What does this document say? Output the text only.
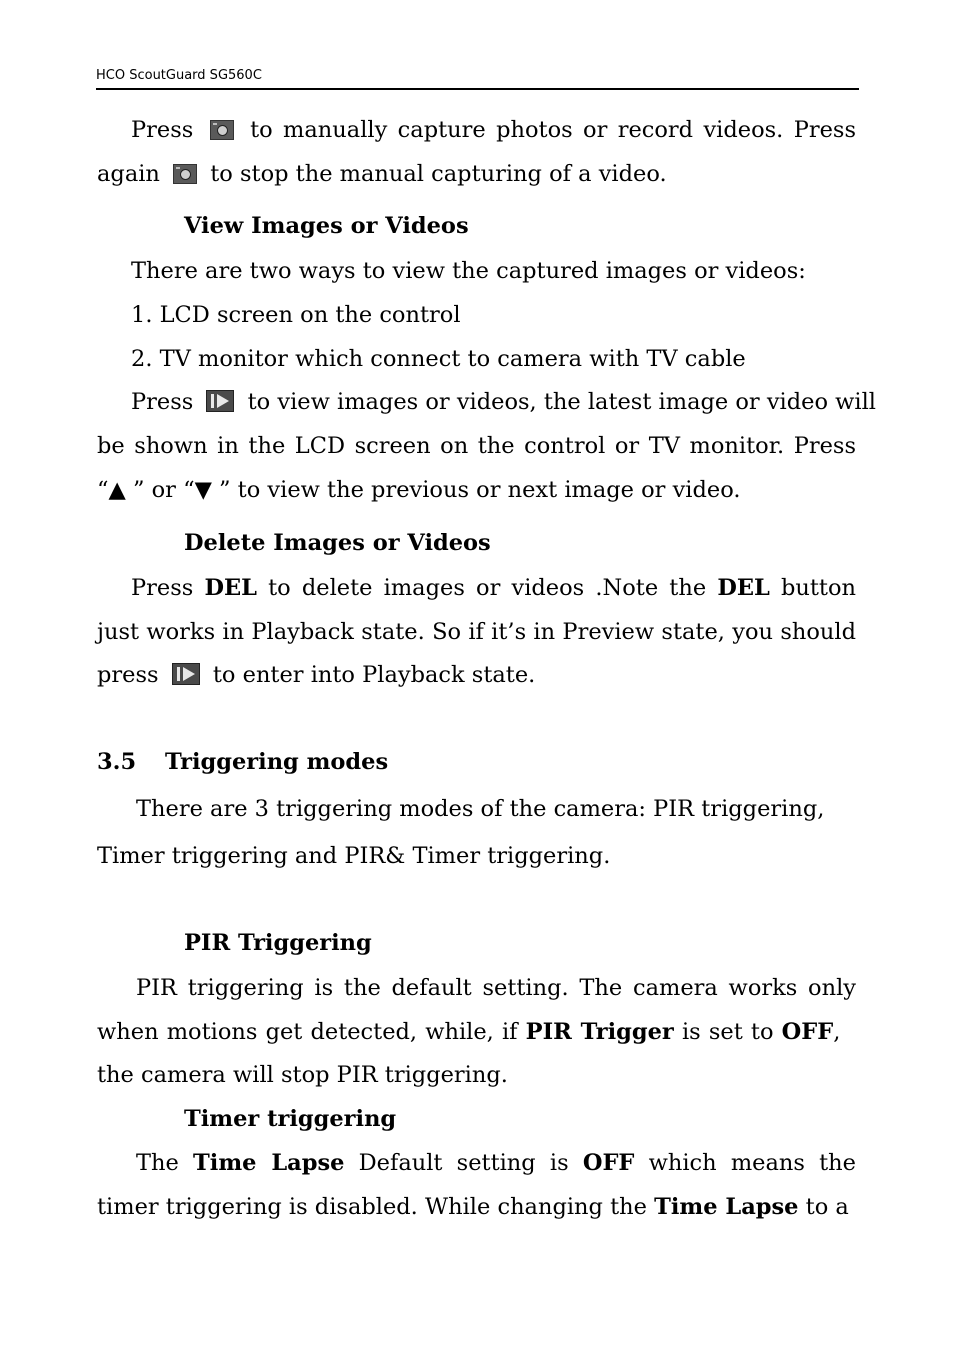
HCO ScoutGuard SG560C
Press	to manually capture photos or record videos. Press
again to stop the manual capturing of a video.
View Images or Videos
There are two ways to view the captured images or videos:
1. LCD screen on the control
2. TV monitor which connect to camera with TV cable
Press to view images or videos, the latest image or video will
be shown in the LCD screen on the control or TV monitor. Press
“▲ ” or “▼ ” to view the previous or next image or video.
Delete Images or Videos
Press DEL to delete images or videos .Note the DEL button
just works in Playback state. So if it’s in Preview state, you should
press to enter into Playback state.
3.5 Triggering modes
There are 3 triggering modes of the camera: PIR triggering,
Timer triggering and PIR& Timer triggering.
PIR Triggering
PIR triggering is the default setting. The camera works only
when motions get detected, while, if PIR Trigger is set to OFF,
the camera will stop PIR triggering.
Timer triggering
The Time Lapse Default setting is OFF which means the
timer triggering is disabled. While changing the Time Lapse to a
